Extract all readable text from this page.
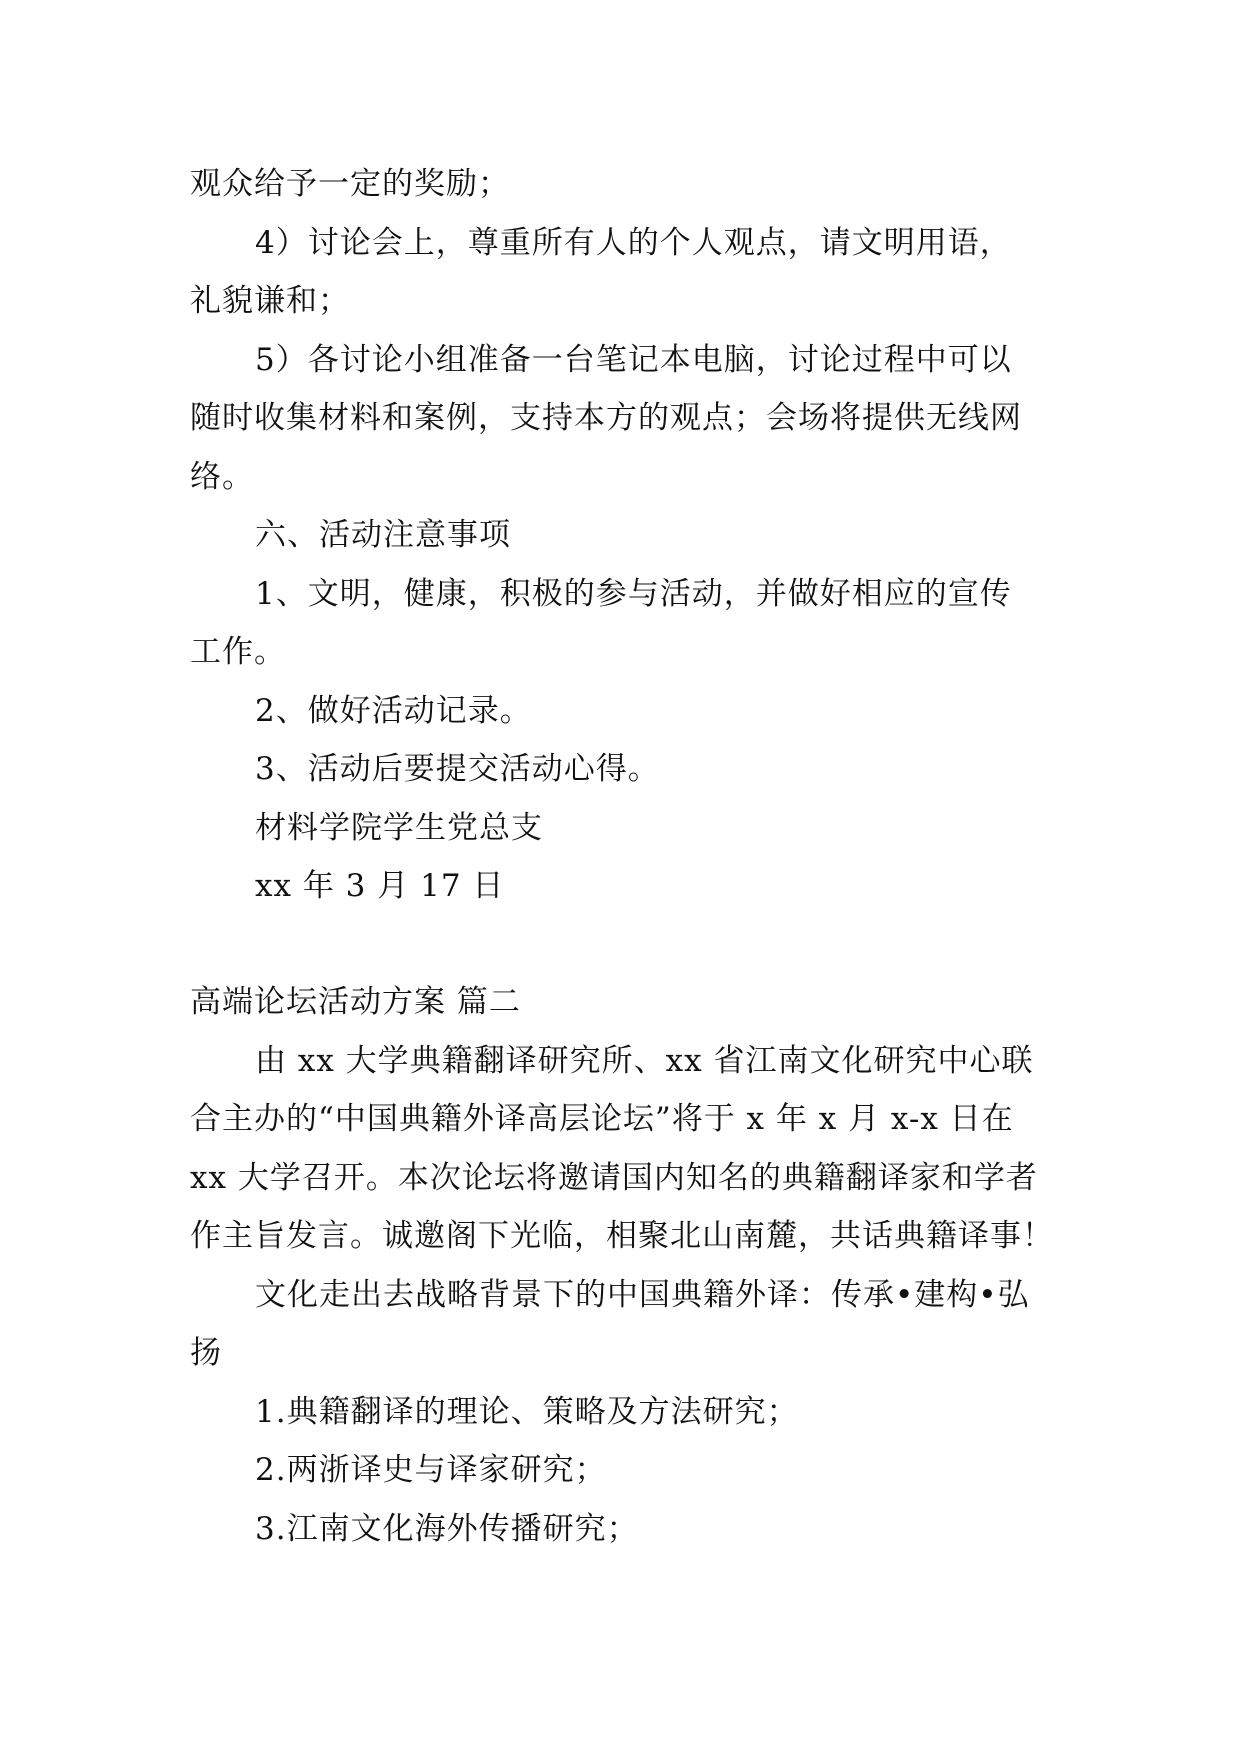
观众给予一定的奖励；
4）讨论会上，尊重所有人的个人观点，请文明用语，
礼貌谦和；
5）各讨论小组准备一台笔记本电脑，讨论过程中可以
随时收集材料和案例，支持本方的观点；会场将提供无线网
络。
六、活动注意事项
1、文明，健康，积极的参与活动，并做好相应的宣传
工作。
2、做好活动记录。
3、活动后要提交活动心得。
材料学院学生党总支
xx 年 3 月 17 日
高端论坛活动方案 篇二
由 xx 大学典籍翻译研究所、xx 省江南文化研究中心联
合主办的“中国典籍外译高层论坛”将于 x 年 x 月 x-x 日在
xx 大学召开。本次论坛将邀请国内知名的典籍翻译家和学者
作主旨发言。诚邀阁下光临，相聚北山南麓，共话典籍译事！
文化走出去战略背景下的中国典籍外译：传承•建构•弘
扬
1.典籍翻译的理论、策略及方法研究；
2.两浙译史与译家研究；
3.江南文化海外传播研究；
